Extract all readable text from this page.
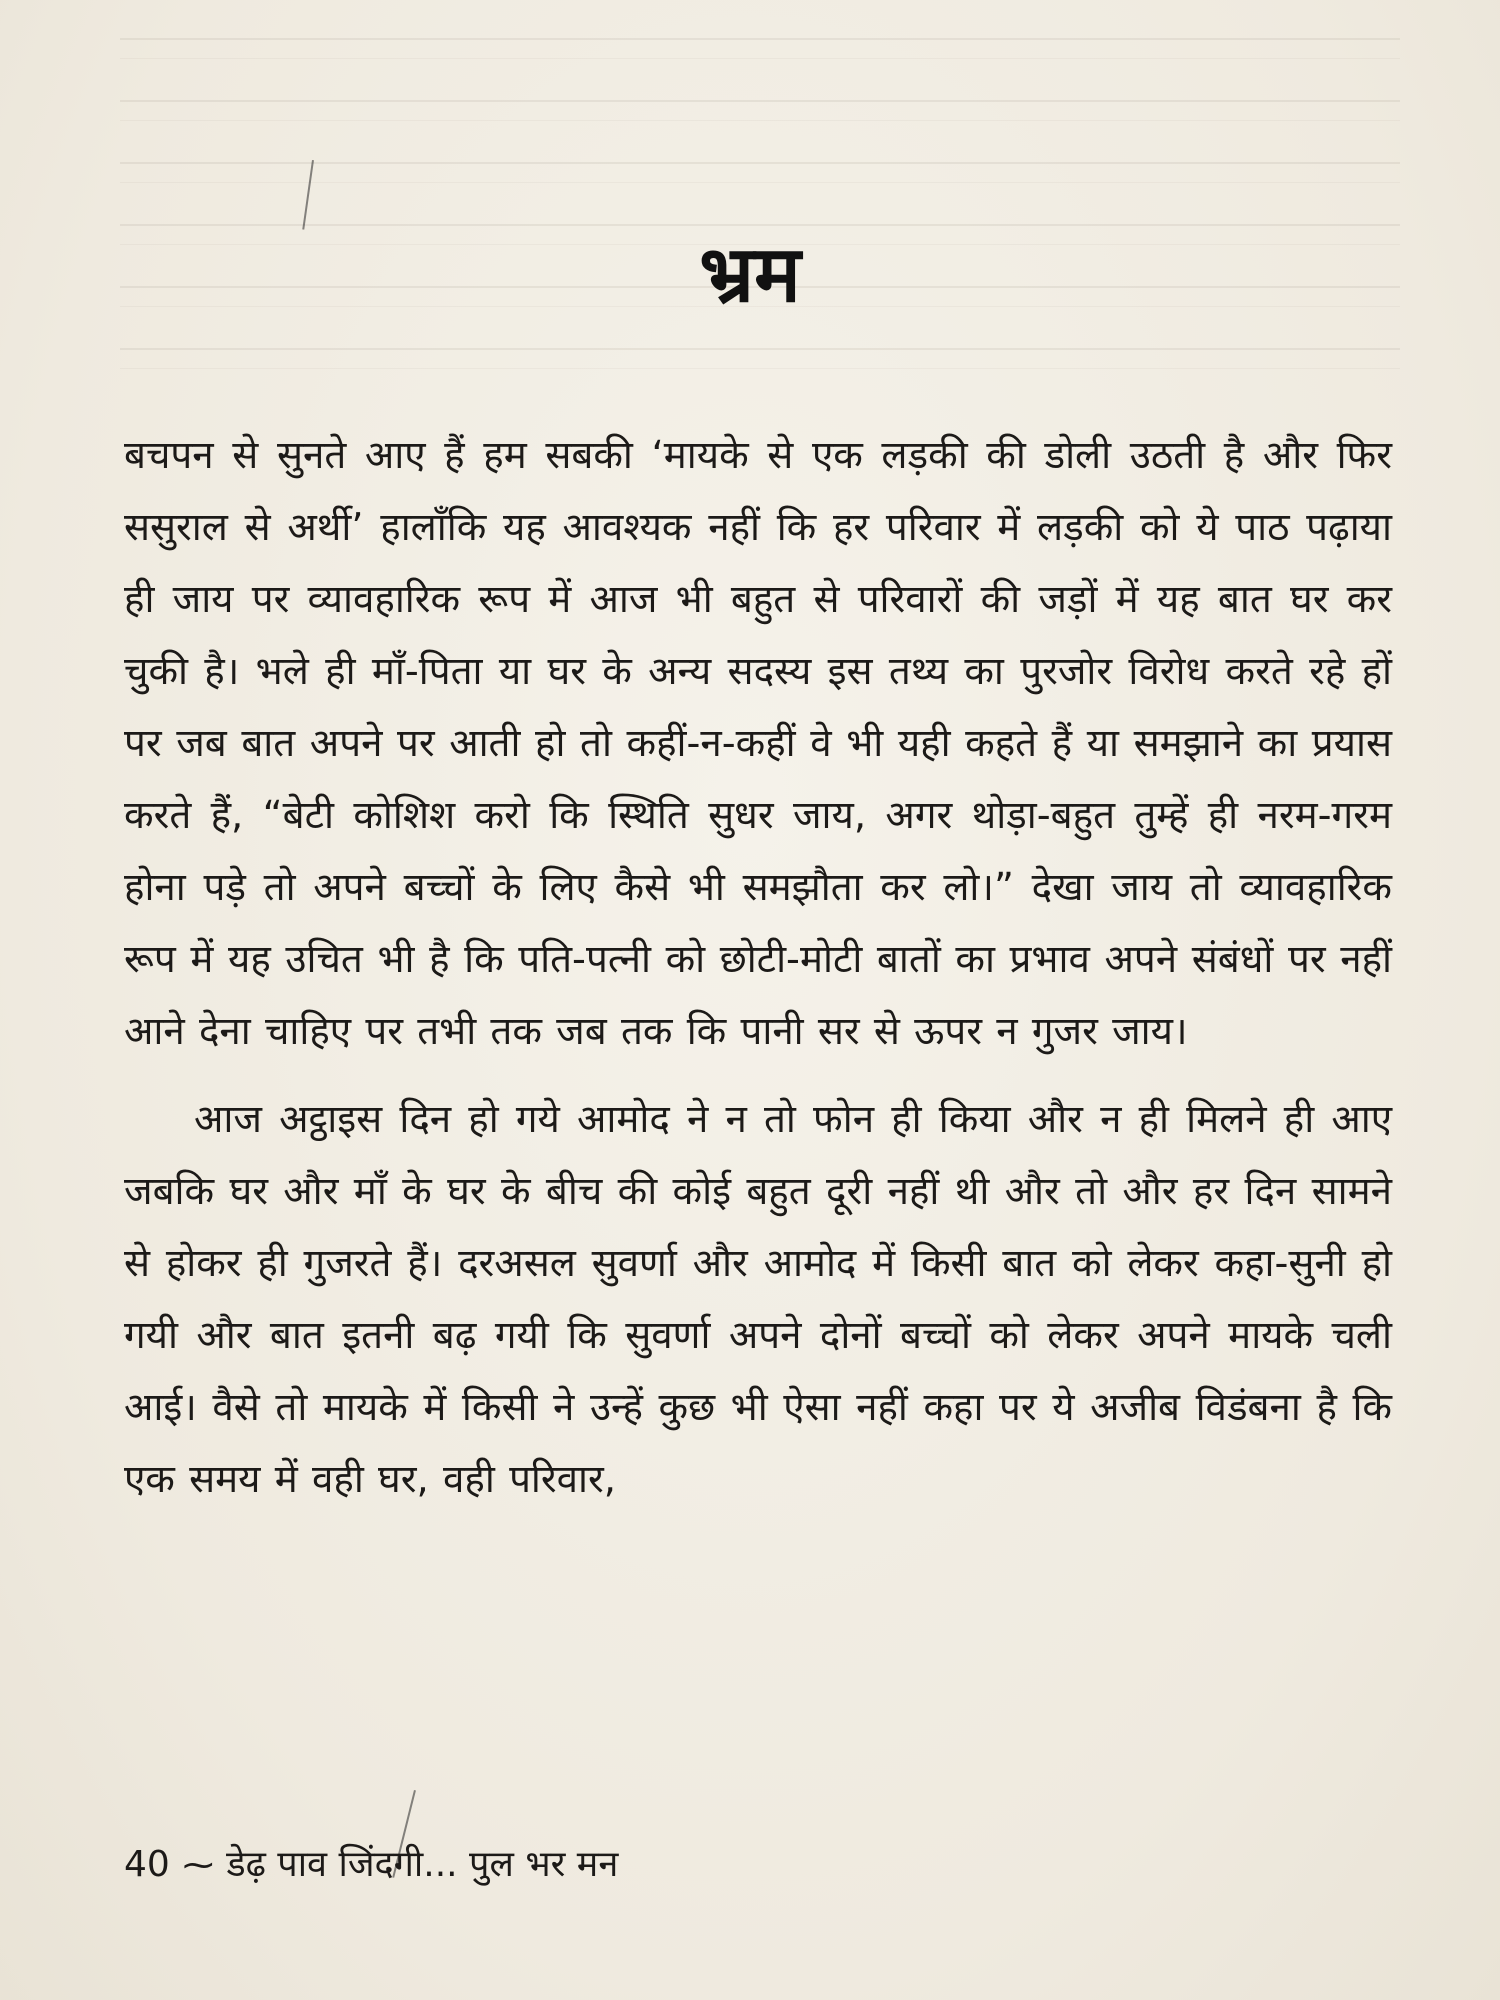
भ्रम

बचपन से सुनते आए हैं हम सबकी ‘मायके से एक लड़की की डोली उठती है और फिर ससुराल से अर्थी’ हालाँकि यह आवश्यक नहीं कि हर परिवार में लड़की को ये पाठ पढ़ाया ही जाय पर व्यावहारिक रूप में आज भी बहुत से परिवारों की जड़ों में यह बात घर कर चुकी है। भले ही माँ-पिता या घर के अन्य सदस्य इस तथ्य का पुरजोर विरोध करते रहे हों पर जब बात अपने पर आती हो तो कहीं-न-कहीं वे भी यही कहते हैं या समझाने का प्रयास करते हैं, “बेटी कोशिश करो कि स्थिति सुधर जाय, अगर थोड़ा-बहुत तुम्हें ही नरम-गरम होना पड़े तो अपने बच्चों के लिए कैसे भी समझौता कर लो।” देखा जाय तो व्यावहारिक रूप में यह उचित भी है कि पति-पत्नी को छोटी-मोटी बातों का प्रभाव अपने संबंधों पर नहीं आने देना चाहिए पर तभी तक जब तक कि पानी सर से ऊपर न गुजर जाय।

आज अट्ठाइस दिन हो गये आमोद ने न तो फोन ही किया और न ही मिलने ही आए जबकि घर और माँ के घर के बीच की कोई बहुत दूरी नहीं थी और तो और हर दिन सामने से होकर ही गुजरते हैं। दरअसल सुवर्णा और आमोद में किसी बात को लेकर कहा-सुनी हो गयी और बात इतनी बढ़ गयी कि सुवर्णा अपने दोनों बच्चों को लेकर अपने मायके चली आई। वैसे तो मायके में किसी ने उन्हें कुछ भी ऐसा नहीं कहा पर ये अजीब विडंबना है कि एक समय में वही घर, वही परिवार,

40 ~ डेढ़ पाव जिंदगी... पुल भर मन
